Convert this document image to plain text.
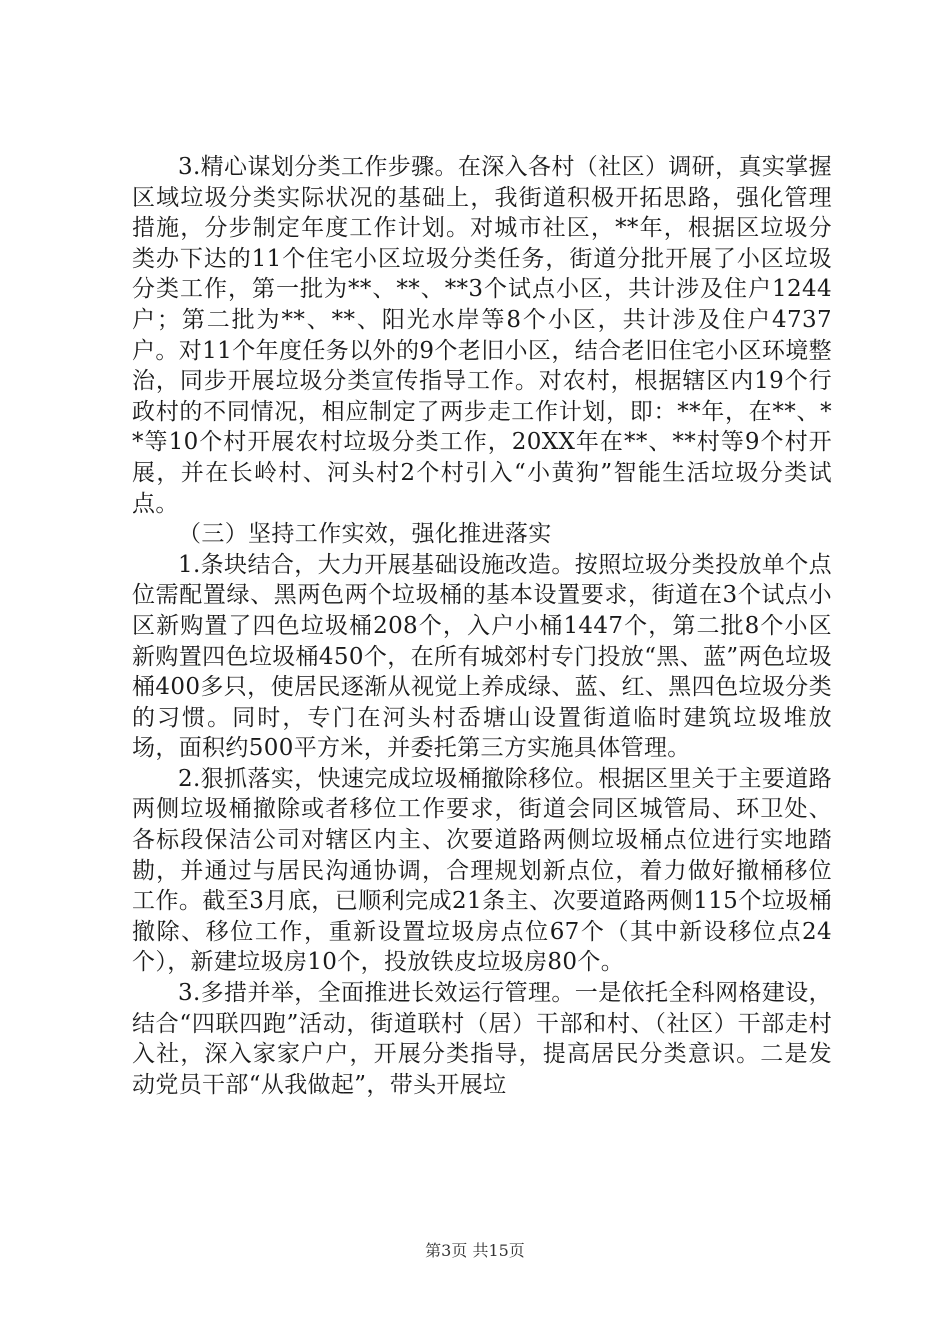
3.精心谋划分类工作步骤。在深入各村（社区）调研，真实掌握区域垃圾分类实际状况的基础上，我街道积极开拓思路，强化管理措施，分步制定年度工作计划。对城市社区，**年，根据区垃圾分类办下达的11个住宅小区垃圾分类任务，街道分批开展了小区垃圾分类工作，第一批为**、**、**3个试点小区，共计涉及住户1244户；第二批为**、**、阳光水岸等8个小区，共计涉及住户4737户。对11个年度任务以外的9个老旧小区，结合老旧住宅小区环境整治，同步开展垃圾分类宣传指导工作。对农村，根据辖区内19个行政村的不同情况，相应制定了两步走工作计划，即：**年，在**、**等10个村开展农村垃圾分类工作，20XX年在**、**村等9个村开展，并在长岭村、河头村2个村引入“小黄狗”智能生活垃圾分类试点。

（三）坚持工作实效，强化推进落实

1.条块结合，大力开展基础设施改造。按照垃圾分类投放单个点位需配置绿、黑两色两个垃圾桶的基本设置要求，街道在3个试点小区新购置了四色垃圾桶208个，入户小桶1447个，第二批8个小区新购置四色垃圾桶450个，在所有城郊村专门投放“黑、蓝”两色垃圾桶400多只，使居民逐渐从视觉上养成绿、蓝、红、黑四色垃圾分类的习惯。同时，专门在河头村岙塘山设置街道临时建筑垃圾堆放场，面积约500平方米，并委托第三方实施具体管理。

2.狠抓落实，快速完成垃圾桶撤除移位。根据区里关于主要道路两侧垃圾桶撤除或者移位工作要求，街道会同区城管局、环卫处、各标段保洁公司对辖区内主、次要道路两侧垃圾桶点位进行实地踏勘，并通过与居民沟通协调，合理规划新点位，着力做好撤桶移位工作。截至3月底，已顺利完成21条主、次要道路两侧115个垃圾桶撤除、移位工作，重新设置垃圾房点位67个（其中新设移位点24个），新建垃圾房10个，投放铁皮垃圾房80个。

3.多措并举，全面推进长效运行管理。一是依托全科网格建设，结合“四联四跑”活动，街道联村（居）干部和村、（社区）干部走村入社，深入家家户户，开展分类指导，提高居民分类意识。二是发动党员干部“从我做起”，带头开展垃

第3页 共15页
